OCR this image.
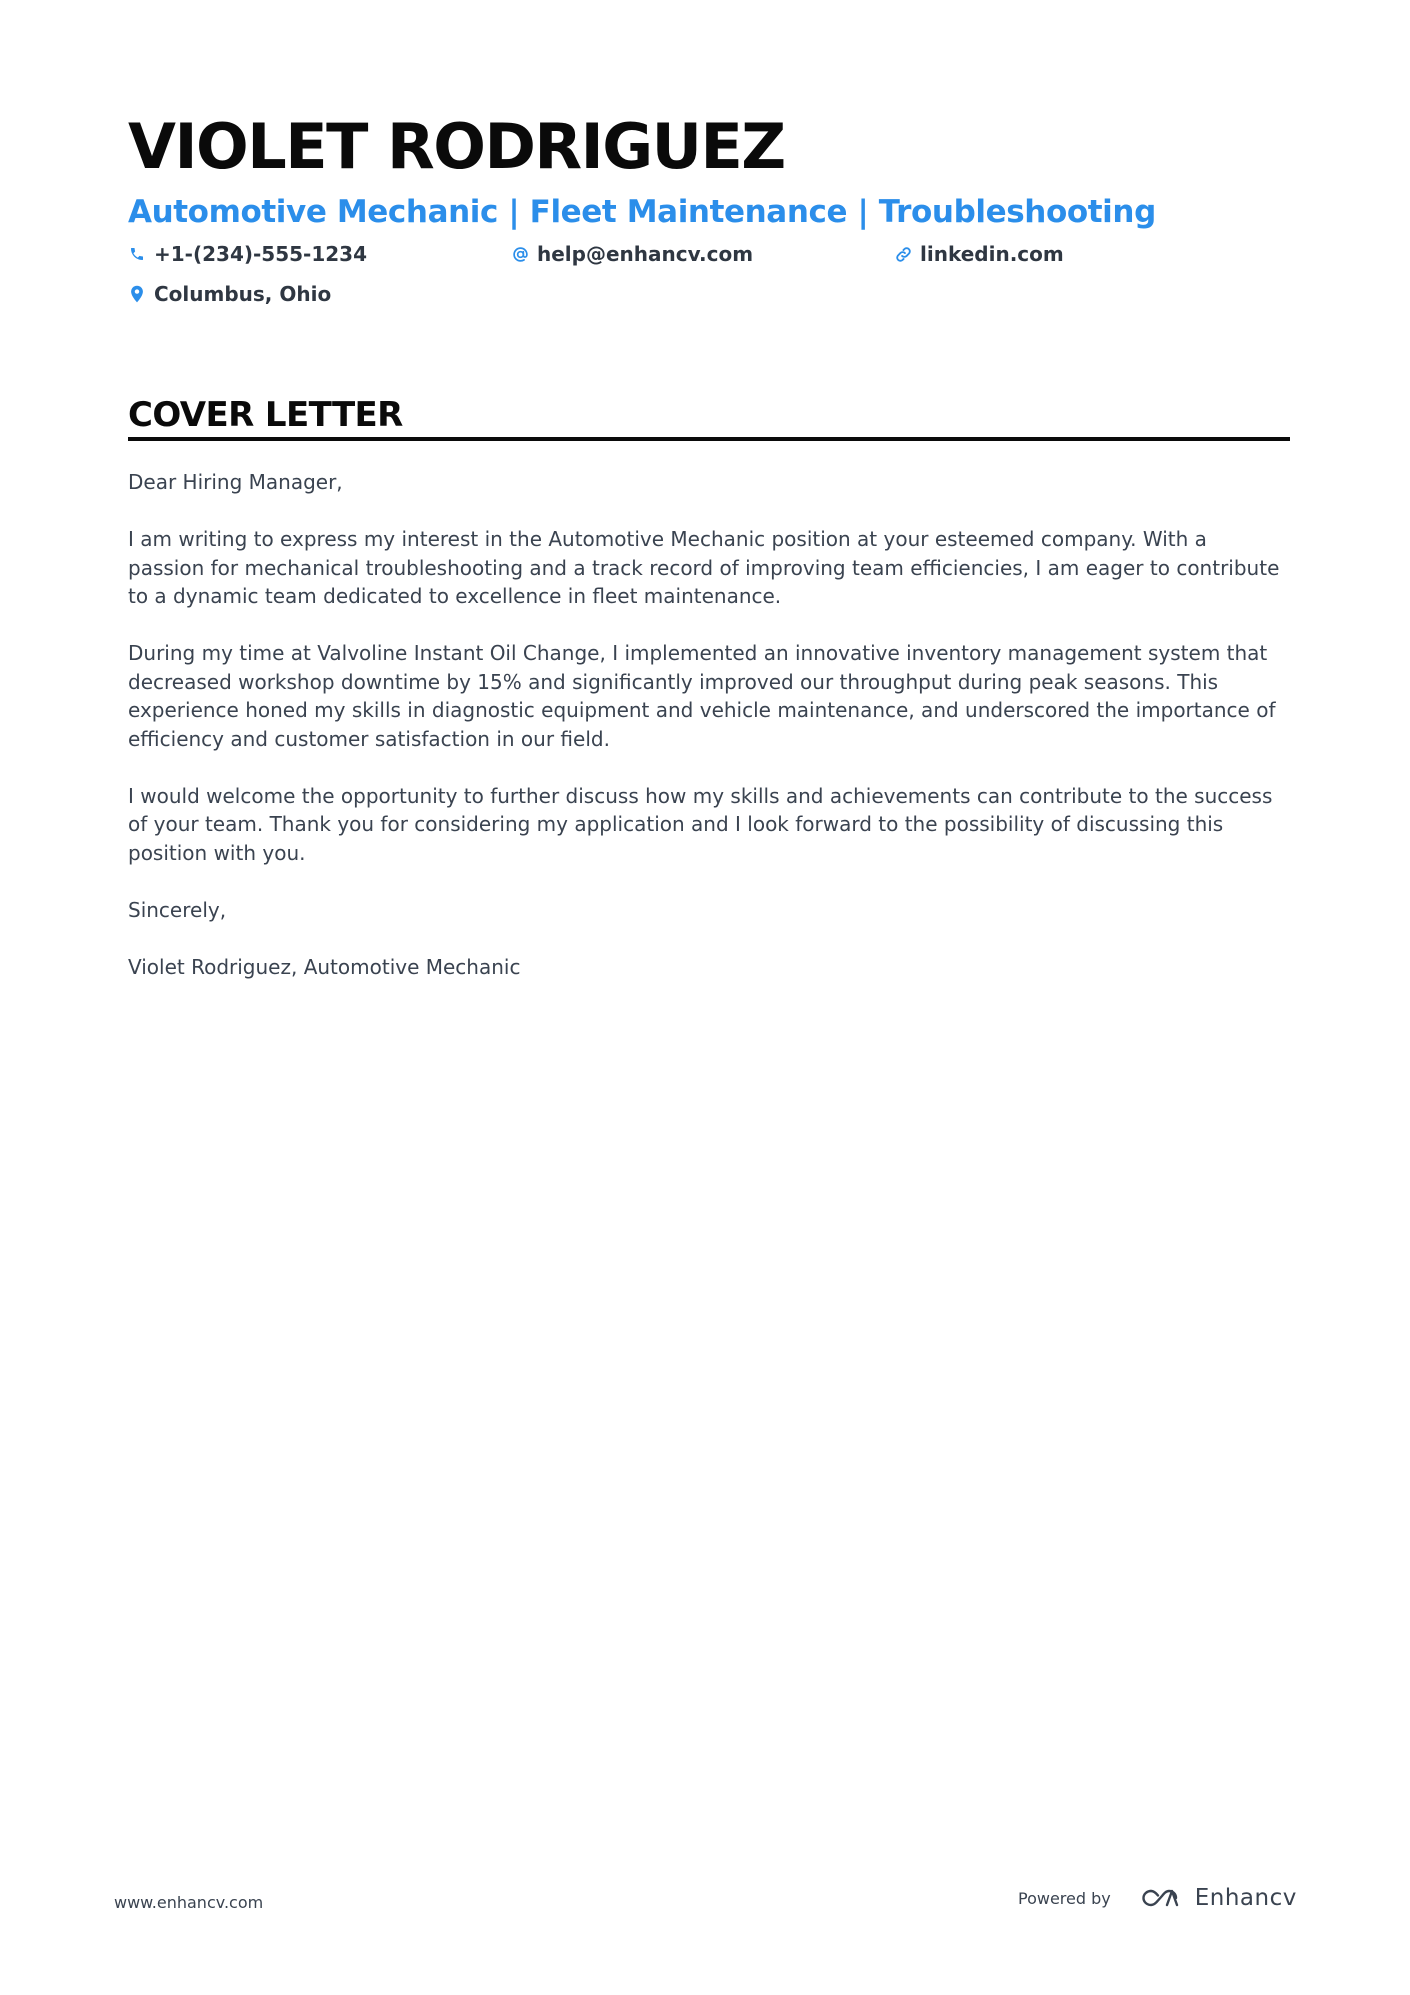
VIOLET RODRIGUEZ
Automotive Mechanic | Fleet Maintenance | Troubleshooting
+1-(234)-555-1234	help@enhancv.com	linkedin.com
Columbus, Ohio
COVER LETTER

Dear Hiring Manager,

I am writing to express my interest in the Automotive Mechanic position at your esteemed company. With a passion for mechanical troubleshooting and a track record of improving team efficiencies, I am eager to contribute to a dynamic team dedicated to excellence in fleet maintenance.

During my time at Valvoline Instant Oil Change, I implemented an innovative inventory management system that decreased workshop downtime by 15% and significantly improved our throughput during peak seasons. This experience honed my skills in diagnostic equipment and vehicle maintenance, and underscored the importance of efficiency and customer satisfaction in our field.

I would welcome the opportunity to further discuss how my skills and achievements can contribute to the success of your team. Thank you for considering my application and I look forward to the possibility of discussing this position with you.

Sincerely,

Violet Rodriguez, Automotive Mechanic

www.enhancv.com	Powered by	Enhancv
